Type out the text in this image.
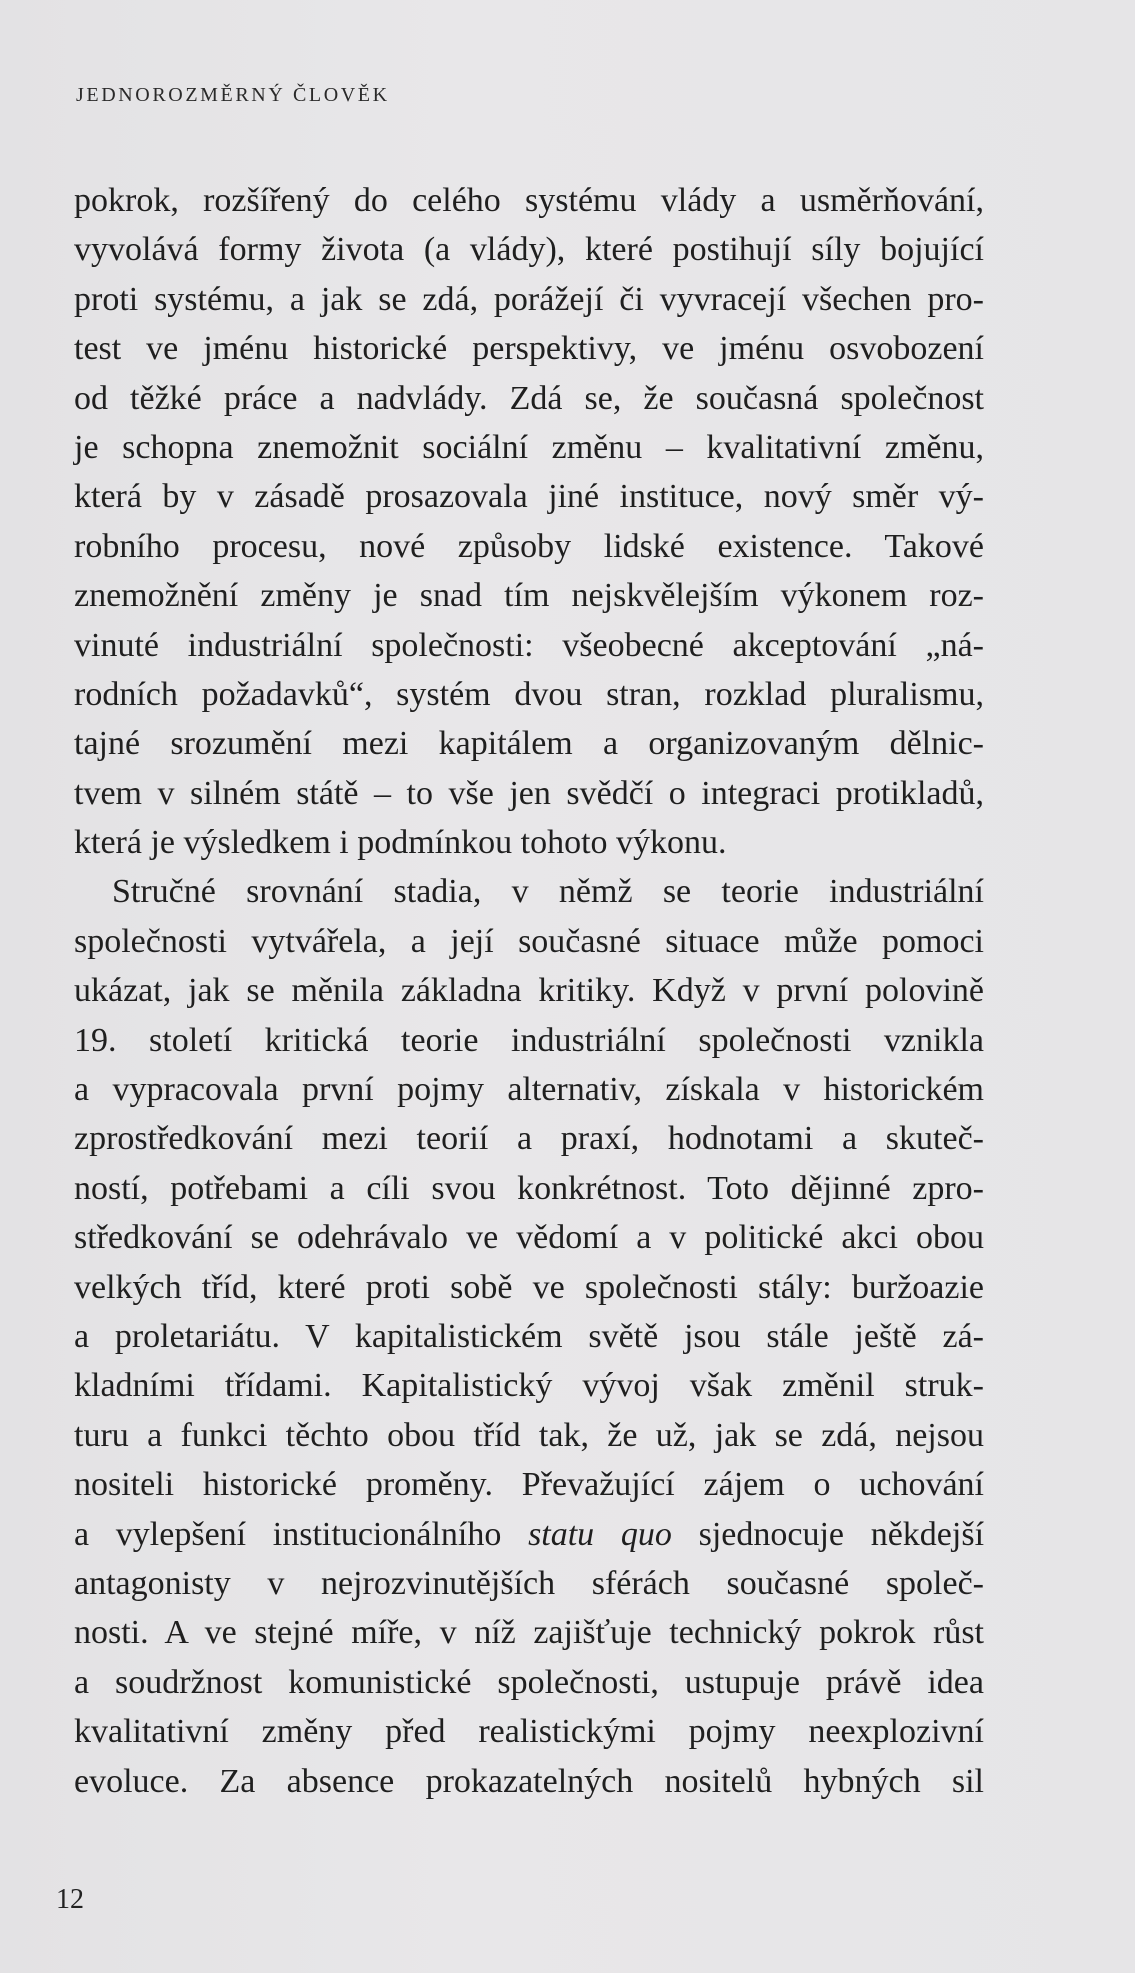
JEDNOROZMĚRNÝ ČLOVĚK
pokrok, rozšířený do celého systému vlády a usměrňování,
vyvolává formy života (a vlády), které postihují síly bojující
proti systému, a jak se zdá, porážejí či vyvracejí všechen pro-
test ve jménu historické perspektivy, ve jménu osvobození
od těžké práce a nadvlády. Zdá se, že současná společnost
je schopna znemožnit sociální změnu – kvalitativní změnu,
která by v zásadě prosazovala jiné instituce, nový směr vý-
robního procesu, nové způsoby lidské existence. Takové
znemožnění změny je snad tím nejskvělejším výkonem roz-
vinuté industriální společnosti: všeobecné akceptování „ná-
rodních požadavků“, systém dvou stran, rozklad pluralismu,
tajné srozumění mezi kapitálem a organizovaným dělnic-
tvem v silném státě – to vše jen svědčí o integraci protikladů,
která je výsledkem i podmínkou tohoto výkonu.
Stručné srovnání stadia, v němž se teorie industriální
společnosti vytvářela, a její současné situace může pomoci
ukázat, jak se měnila základna kritiky. Když v první polovině
19. století kritická teorie industriální společnosti vznikla
a vypracovala první pojmy alternativ, získala v historickém
zprostředkování mezi teorií a praxí, hodnotami a skuteč-
ností, potřebami a cíli svou konkrétnost. Toto dějinné zpro-
středkování se odehrávalo ve vědomí a v politické akci obou
velkých tříd, které proti sobě ve společnosti stály: buržoazie
a proletariátu. V kapitalistickém světě jsou stále ještě zá-
kladními třídami. Kapitalistický vývoj však změnil struk-
turu a funkci těchto obou tříd tak, že už, jak se zdá, nejsou
nositeli historické proměny. Převažující zájem o uchování
a vylepšení institucionálního statu quo sjednocuje někdejší
antagonisty v nejrozvinutějších sférách současné společ-
nosti. A ve stejné míře, v níž zajišťuje technický pokrok růst
a soudržnost komunistické společnosti, ustupuje právě idea
kvalitativní změny před realistickými pojmy neexplozivní
evoluce. Za absence prokazatelných nositelů hybných sil
12
